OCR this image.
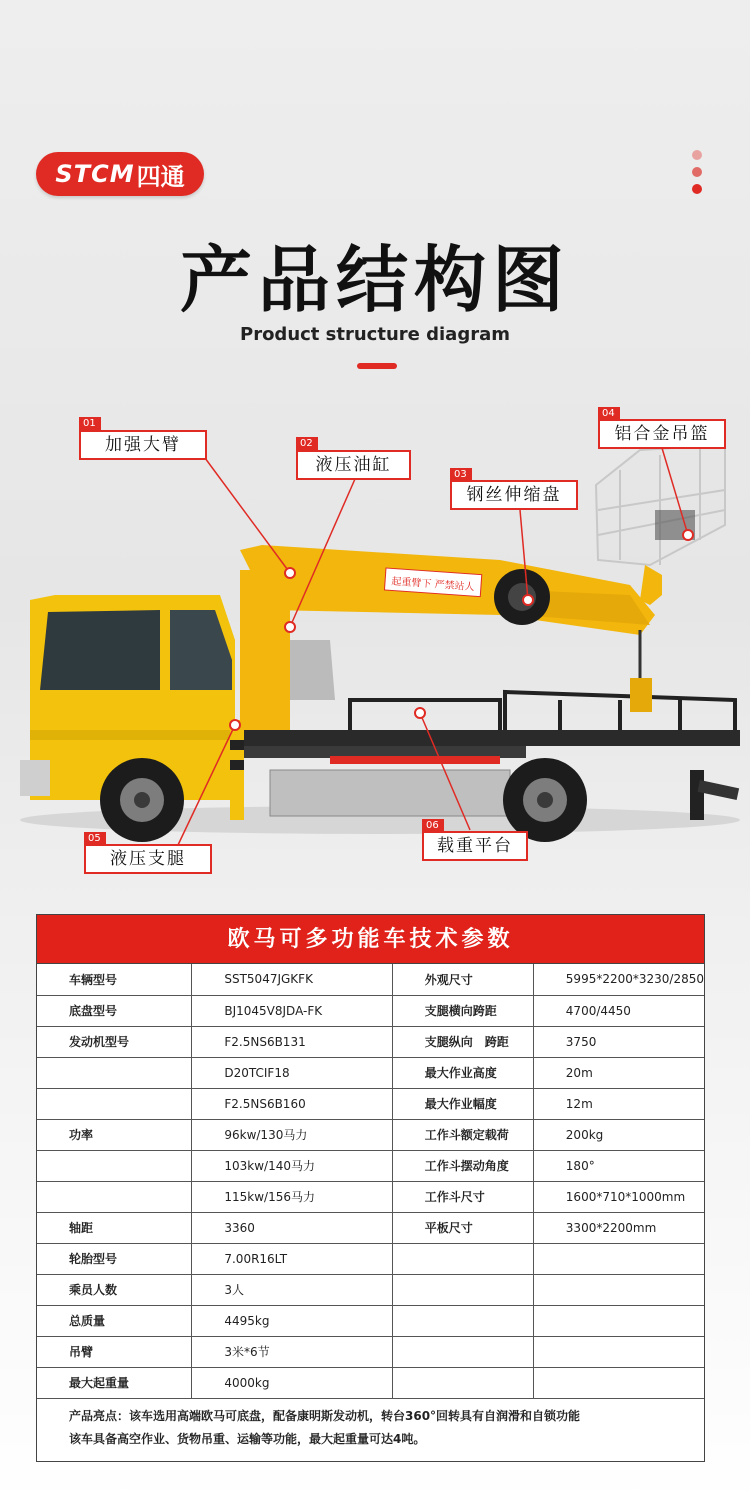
STCM 四通
产品结构图
Product structure diagram
起重臂下 严禁站人
01
加强大臂	02
液压油缸	03
钢丝伸缩盘
04
铝合金吊篮
05
液压支腿
06
载重平台
欧马可多功能车技术参数
车辆型号	SST5047JGKFK	外观尺寸	5995*2200*3230/2850
底盘型号	BJ1045V8JDA-FK	支腿横向跨距	4700/4450
发动机型号	F2.5NS6B131	支腿纵向　跨距	3750
	D20TCIF18	最大作业高度	20m
	F2.5NS6B160	最大作业幅度	12m
功率	96kw/130马力	工作斗额定载荷	200kg
	103kw/140马力	工作斗摆动角度	180°
	115kw/156马力	工作斗尺寸	1600*710*1000mm
轴距	3360	平板尺寸	3300*2200mm
轮胎型号	7.00R16LT		
乘员人数	3人		
总质量	4495kg		
吊臂	3米*6节		
最大起重量	4000kg		
产品亮点：该车选用高端欧马可底盘，配备康明斯发动机，转台360°回转具有自润滑和自锁功能
该车具备高空作业、货物吊重、运输等功能，最大起重量可达4吨。
